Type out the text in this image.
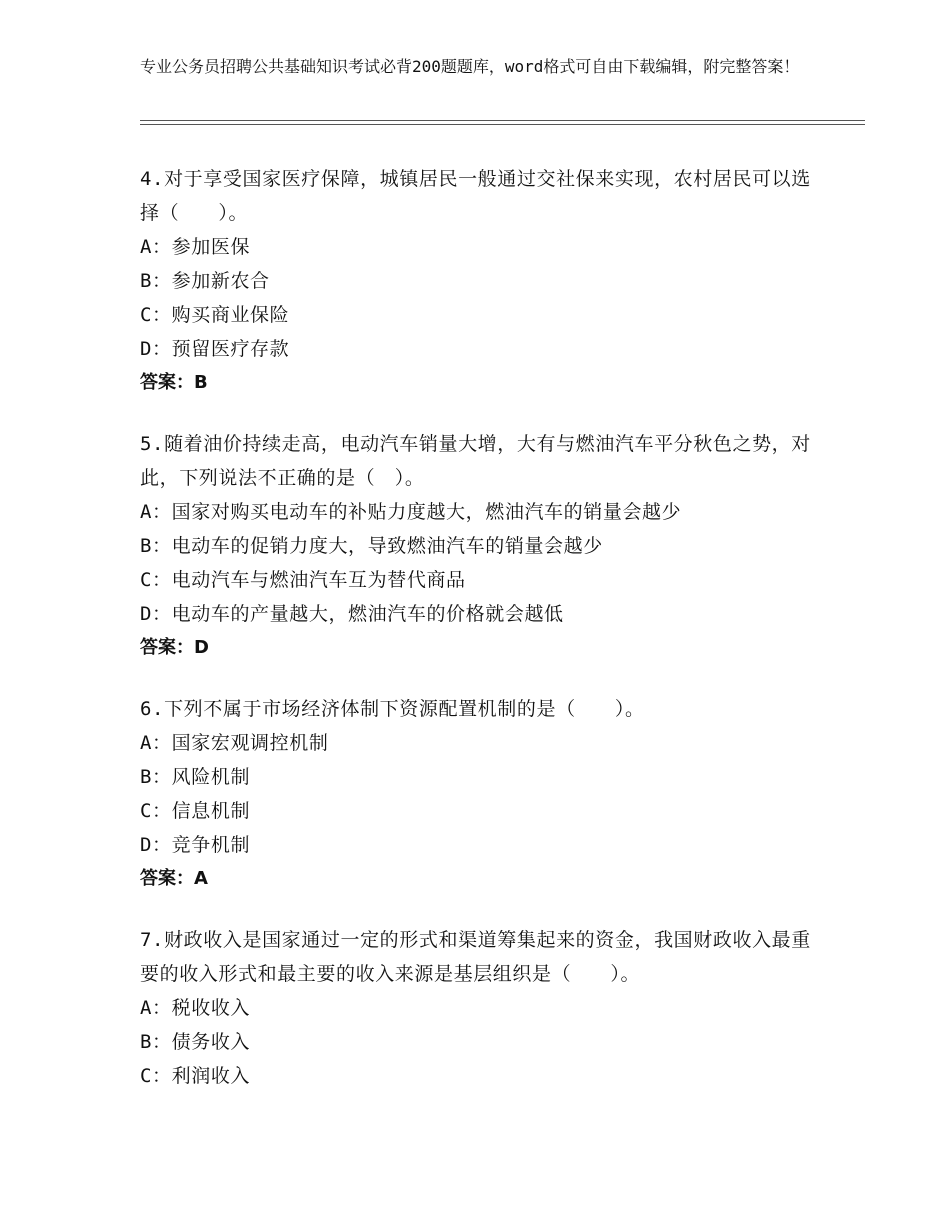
专业公务员招聘公共基础知识考试必背200题题库，word格式可自由下载编辑，附完整答案！
4.对于享受国家医疗保障，城镇居民一般通过交社保来实现，农村居民可以选择（　　）。
A：参加医保
B：参加新农合
C：购买商业保险
D：预留医疗存款
答案：B
5.随着油价持续走高，电动汽车销量大增，大有与燃油汽车平分秋色之势，对此，下列说法不正确的是（　）。
A：国家对购买电动车的补贴力度越大，燃油汽车的销量会越少
B：电动车的促销力度大，导致燃油汽车的销量会越少
C：电动汽车与燃油汽车互为替代商品
D：电动车的产量越大，燃油汽车的价格就会越低
答案：D
6.下列不属于市场经济体制下资源配置机制的是（　　）。
A：国家宏观调控机制
B：风险机制
C：信息机制
D：竞争机制
答案：A
7.财政收入是国家通过一定的形式和渠道筹集起来的资金，我国财政收入最重要的收入形式和最主要的收入来源是基层组织是（　　）。
A：税收收入
B：债务收入
C：利润收入
